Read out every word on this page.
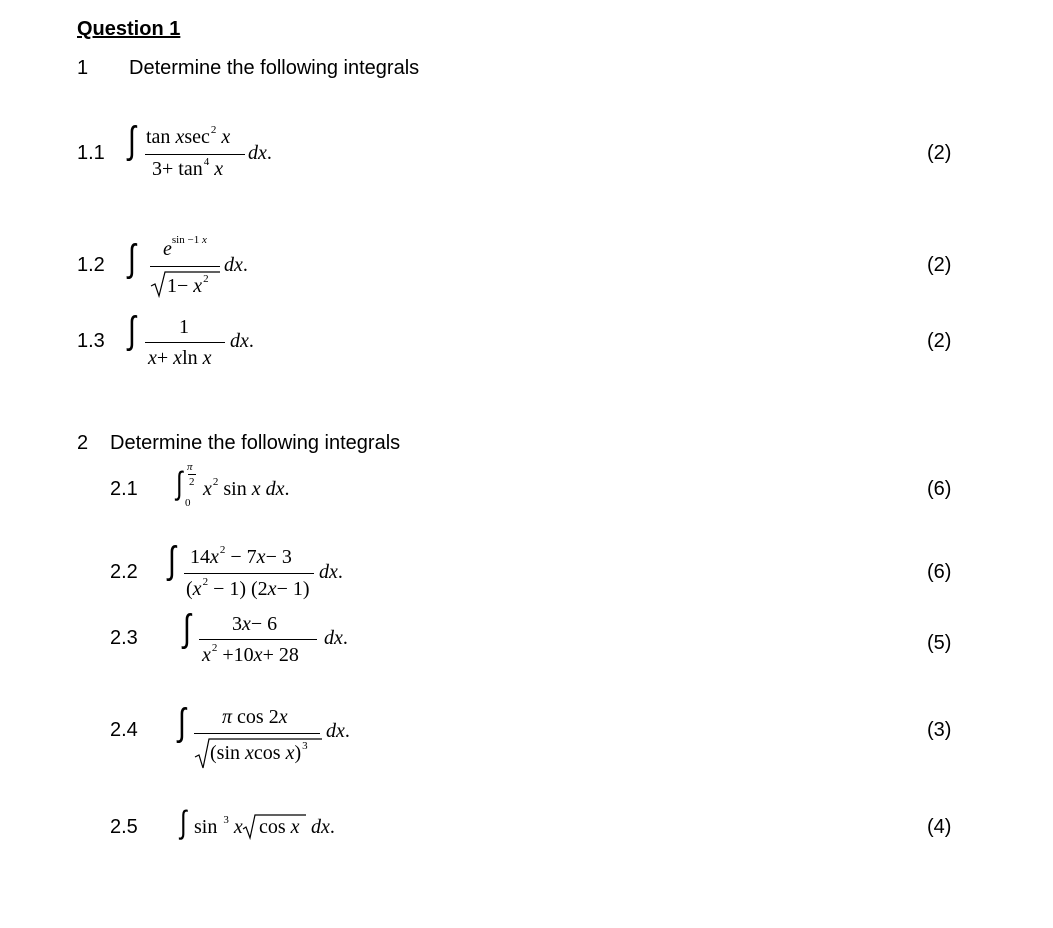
Question 1
1 Determine the following integrals
1.1 ∫ tan xsec$^2$ x
$3+ \tan^4 x$
dx.	(2)
1.2 ∫ $e^{sin -1 x}$
$1- x^2$
dx.	(2)
1.3 ∫ 1
x+ xln x
dx.	(2)
2 Determine the following integrals
2.1 ∫ π
2
0
$x^2$ sin x dx.	(6)
2.2 ∫ $14x^2 - 7x- 3$
$(x^2 - 1)$ (2x− 1)
dx.	(6)
2.3 ∫ 3x− 6
$x^2 +10x+ 28$
dx.	(5)
2.4 ∫ π cos 2x
(sin xcos x)$^3$
dx.	(3)
2.5 ∫ sin $^3$ x cos x dx.	(4)
